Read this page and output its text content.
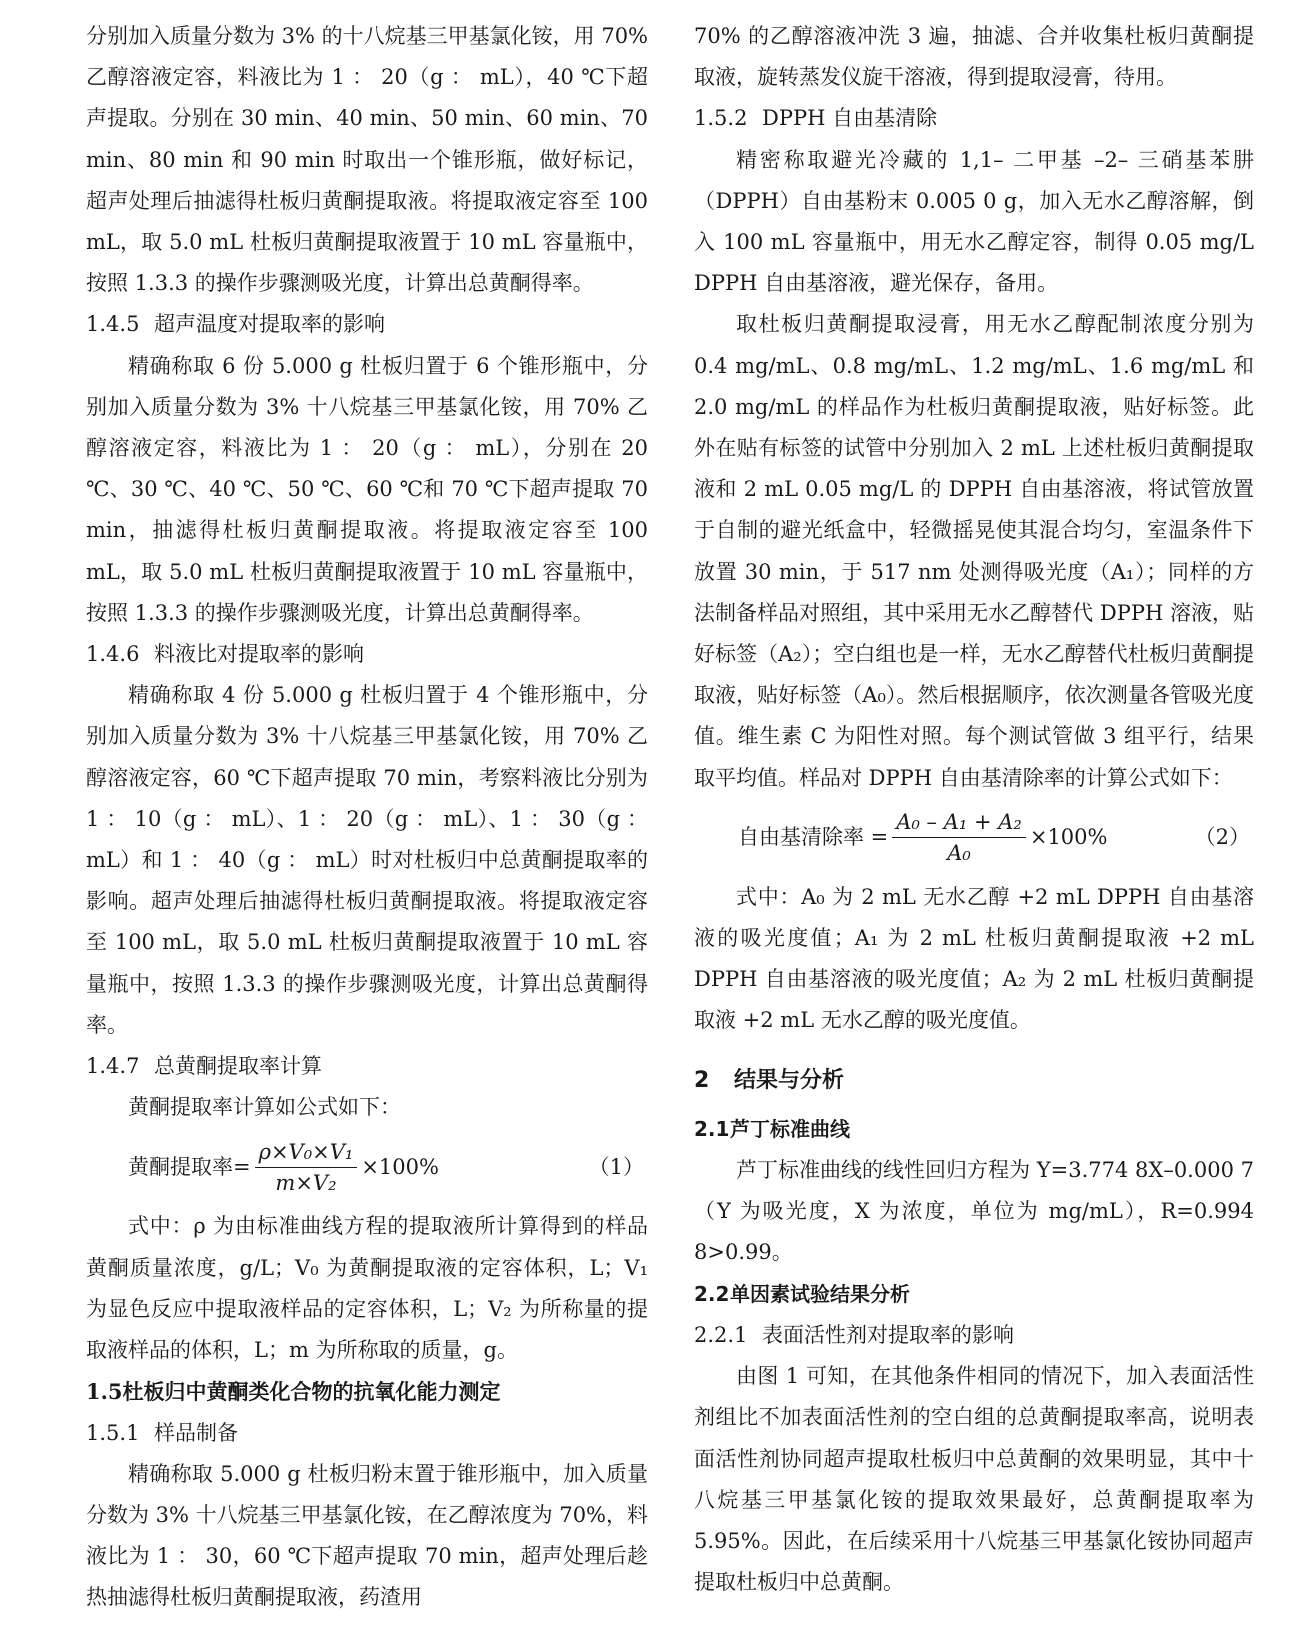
分别加入质量分数为 3% 的十八烷基三甲基氯化铵，用 70% 乙醇溶液定容，料液比为 1 ： 20（g ： mL），40 ℃下超声提取。分别在 30 min、40 min、50 min、60 min、70 min、80 min 和 90 min 时取出一个锥形瓶，做好标记，超声处理后抽滤得杜板归黄酮提取液。将提取液定容至 100 mL，取 5.0 mL 杜板归黄酮提取液置于 10 mL 容量瓶中，按照 1.3.3 的操作步骤测吸光度，计算出总黄酮得率。

1.4.5 超声温度对提取率的影响

精确称取 6 份 5.000 g 杜板归置于 6 个锥形瓶中，分别加入质量分数为 3% 十八烷基三甲基氯化铵，用 70% 乙醇溶液定容，料液比为 1 ： 20（g ： mL），分别在 20 ℃、30 ℃、40 ℃、50 ℃、60 ℃和 70 ℃下超声提取 70 min，抽滤得杜板归黄酮提取液。将提取液定容至 100 mL，取 5.0 mL 杜板归黄酮提取液置于 10 mL 容量瓶中，按照 1.3.3 的操作步骤测吸光度，计算出总黄酮得率。

1.4.6 料液比对提取率的影响

精确称取 4 份 5.000 g 杜板归置于 4 个锥形瓶中，分别加入质量分数为 3% 十八烷基三甲基氯化铵，用 70% 乙醇溶液定容，60 ℃下超声提取 70 min，考察料液比分别为 1 ： 10（g ： mL）、1 ： 20（g ： mL）、1 ： 30（g ： mL）和 1 ： 40（g ： mL）时对杜板归中总黄酮提取率的影响。超声处理后抽滤得杜板归黄酮提取液。将提取液定容至 100 mL，取 5.0 mL 杜板归黄酮提取液置于 10 mL 容量瓶中，按照 1.3.3 的操作步骤测吸光度，计算出总黄酮得率。

1.4.7 总黄酮提取率计算

黄酮提取率计算如公式如下：

黄酮提取率= $\frac{\text{ρ×V₀×V₁}}{\text{m×V₂}} \times 100\%$	（1）

式中：ρ 为由标准曲线方程的提取液所计算得到的样品黄酮质量浓度，g/L；V₀ 为黄酮提取液的定容体积，L；V₁ 为显色反应中提取液样品的定容体积，L；V₂ 为所称量的提取液样品的体积，L；m 为所称取的质量，g。

1.5杜板归中黄酮类化合物的抗氧化能力测定

1.5.1 样品制备

精确称取 5.000 g 杜板归粉末置于锥形瓶中，加入质量分数为 3% 十八烷基三甲基氯化铵，在乙醇浓度为 70%，料液比为 1 ： 30，60 ℃下超声提取 70 min，超声处理后趁热抽滤得杜板归黄酮提取液，药渣用

70% 的乙醇溶液冲洗 3 遍，抽滤、合并收集杜板归黄酮提取液，旋转蒸发仪旋干溶液，得到提取浸膏，待用。

1.5.2 DPPH 自由基清除

精密称取避光冷藏的 1,1– 二甲基 –2– 三硝基苯肼（DPPH）自由基粉末 0.005 0 g，加入无水乙醇溶解，倒入 100 mL 容量瓶中，用无水乙醇定容，制得 0.05 mg/L DPPH 自由基溶液，避光保存，备用。

取杜板归黄酮提取浸膏，用无水乙醇配制浓度分别为 0.4 mg/mL、0.8 mg/mL、1.2 mg/mL、1.6 mg/mL 和 2.0 mg/mL 的样品作为杜板归黄酮提取液，贴好标签。此外在贴有标签的试管中分别加入 2 mL 上述杜板归黄酮提取液和 2 mL 0.05 mg/L 的 DPPH 自由基溶液，将试管放置于自制的避光纸盒中，轻微摇晃使其混合均匀，室温条件下放置 30 min，于 517 nm 处测得吸光度（A₁）；同样的方法制备样品对照组，其中采用无水乙醇替代 DPPH 溶液，贴好标签（A₂）；空白组也是一样，无水乙醇替代杜板归黄酮提取液，贴好标签（A₀）。然后根据顺序，依次测量各管吸光度值。维生素 C 为阳性对照。每个测试管做 3 组平行，结果取平均值。样品对 DPPH 自由基清除率的计算公式如下：

自由基清除率 = $\frac{\text{A₀ – A₁ + A₂}}{\text{A₀}} \times 100\%$	（2）

式中：A₀ 为 2 mL 无水乙醇 +2 mL DPPH 自由基溶液的吸光度值；A₁ 为 2 mL 杜板归黄酮提取液 +2 mL DPPH 自由基溶液的吸光度值；A₂ 为 2 mL 杜板归黄酮提取液 +2 mL 无水乙醇的吸光度值。

2 结果与分析

2.1芦丁标准曲线

芦丁标准曲线的线性回归方程为 Y=3.774 8X–0.000 7（Y 为吸光度，X 为浓度，单位为 mg/mL），R=0.994 8>0.99。

2.2单因素试验结果分析

2.2.1 表面活性剂对提取率的影响

由图 1 可知，在其他条件相同的情况下，加入表面活性剂组比不加表面活性剂的空白组的总黄酮提取率高，说明表面活性剂协同超声提取杜板归中总黄酮的效果明显，其中十八烷基三甲基氯化铵的提取效果最好，总黄酮提取率为 5.95%。因此，在后续采用十八烷基三甲基氯化铵协同超声提取杜板归中总黄酮。
